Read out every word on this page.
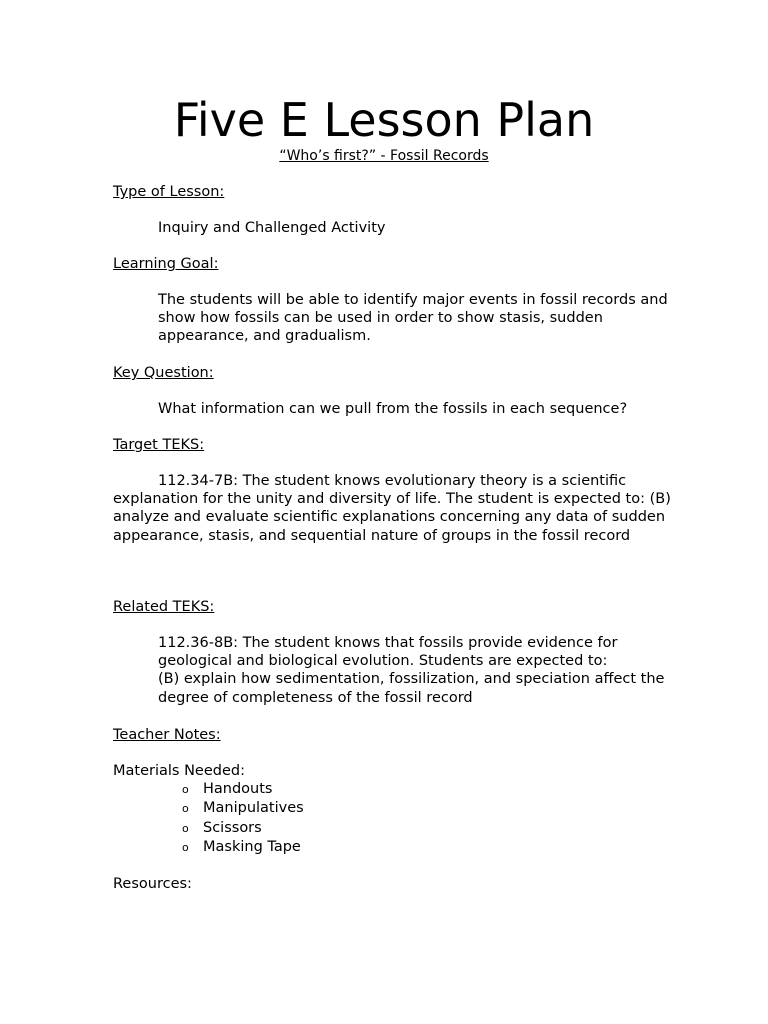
Five E Lesson Plan
“Who’s first?” - Fossil Records
Type of Lesson:
Inquiry and Challenged Activity
Learning Goal:
The students will be able to identify major events in fossil records and show how fossils can be used in order to show stasis, sudden appearance, and gradualism.
Key Question:
What information can we pull from the fossils in each sequence?
Target TEKS:
112.34-7B: The student knows evolutionary theory is a scientific explanation for the unity and diversity of life. The student is expected to: (B) analyze and evaluate scientific explanations concerning any data of sudden appearance, stasis, and sequential nature of groups in the fossil record
Related TEKS:
112.36-8B: The student knows that fossils provide evidence for geological and biological evolution. Students are expected to:
(B) explain how sedimentation, fossilization, and speciation affect the degree of completeness of the fossil record
Teacher Notes:
Materials Needed:
o Handouts
o Manipulatives
o Scissors
o Masking Tape
Resources:
